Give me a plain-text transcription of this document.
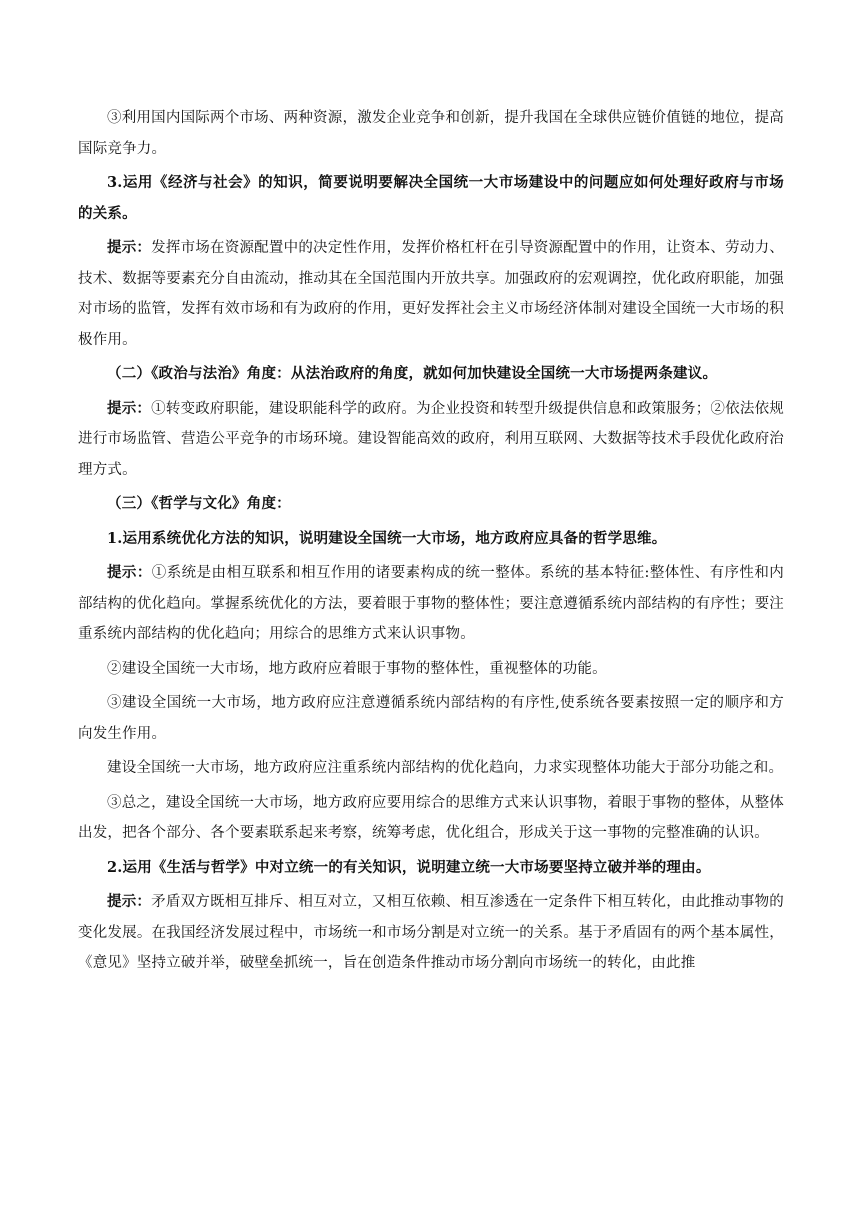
③利用国内国际两个市场、两种资源，激发企业竞争和创新，提升我国在全球供应链价值链的地位，提高国际竞争力。

3.运用《经济与社会》的知识，简要说明要解决全国统一大市场建设中的问题应如何处理好政府与市场的关系。

提示：发挥市场在资源配置中的决定性作用，发挥价格杠杆在引导资源配置中的作用，让资本、劳动力、技术、数据等要素充分自由流动，推动其在全国范围内开放共享。加强政府的宏观调控，优化政府职能，加强对市场的监管，发挥有效市场和有为政府的作用，更好发挥社会主义市场经济体制对建设全国统一大市场的积极作用。

（二）《政治与法治》角度：从法治政府的角度，就如何加快建设全国统一大市场提两条建议。

提示：①转变政府职能，建设职能科学的政府。为企业投资和转型升级提供信息和政策服务；②依法依规进行市场监管、营造公平竞争的市场环境。建设智能高效的政府，利用互联网、大数据等技术手段优化政府治理方式。

（三）《哲学与文化》角度：

1.运用系统优化方法的知识，说明建设全国统一大市场，地方政府应具备的哲学思维。

提示：①系统是由相互联系和相互作用的诸要素构成的统一整体。系统的基本特征:整体性、有序性和内部结构的优化趋向。掌握系统优化的方法，要着眼于事物的整体性；要注意遵循系统内部结构的有序性；要注重系统内部结构的优化趋向；用综合的思维方式来认识事物。

②建设全国统一大市场，地方政府应着眼于事物的整体性，重视整体的功能。

③建设全国统一大市场，地方政府应注意遵循系统内部结构的有序性,使系统各要素按照一定的顺序和方向发生作用。

建设全国统一大市场，地方政府应注重系统内部结构的优化趋向，力求实现整体功能大于部分功能之和。

③总之，建设全国统一大市场，地方政府应要用综合的思维方式来认识事物，着眼于事物的整体，从整体出发，把各个部分、各个要素联系起来考察，统筹考虑，优化组合，形成关于这一事物的完整准确的认识。

2.运用《生活与哲学》中对立统一的有关知识，说明建立统一大市场要坚持立破并举的理由。

提示：矛盾双方既相互排斥、相互对立，又相互依赖、相互渗透在一定条件下相互转化，由此推动事物的变化发展。在我国经济发展过程中，市场统一和市场分割是对立统一的关系。基于矛盾固有的两个基本属性，《意见》坚持立破并举，破壁垒抓统一，旨在创造条件推动市场分割向市场统一的转化，由此推
